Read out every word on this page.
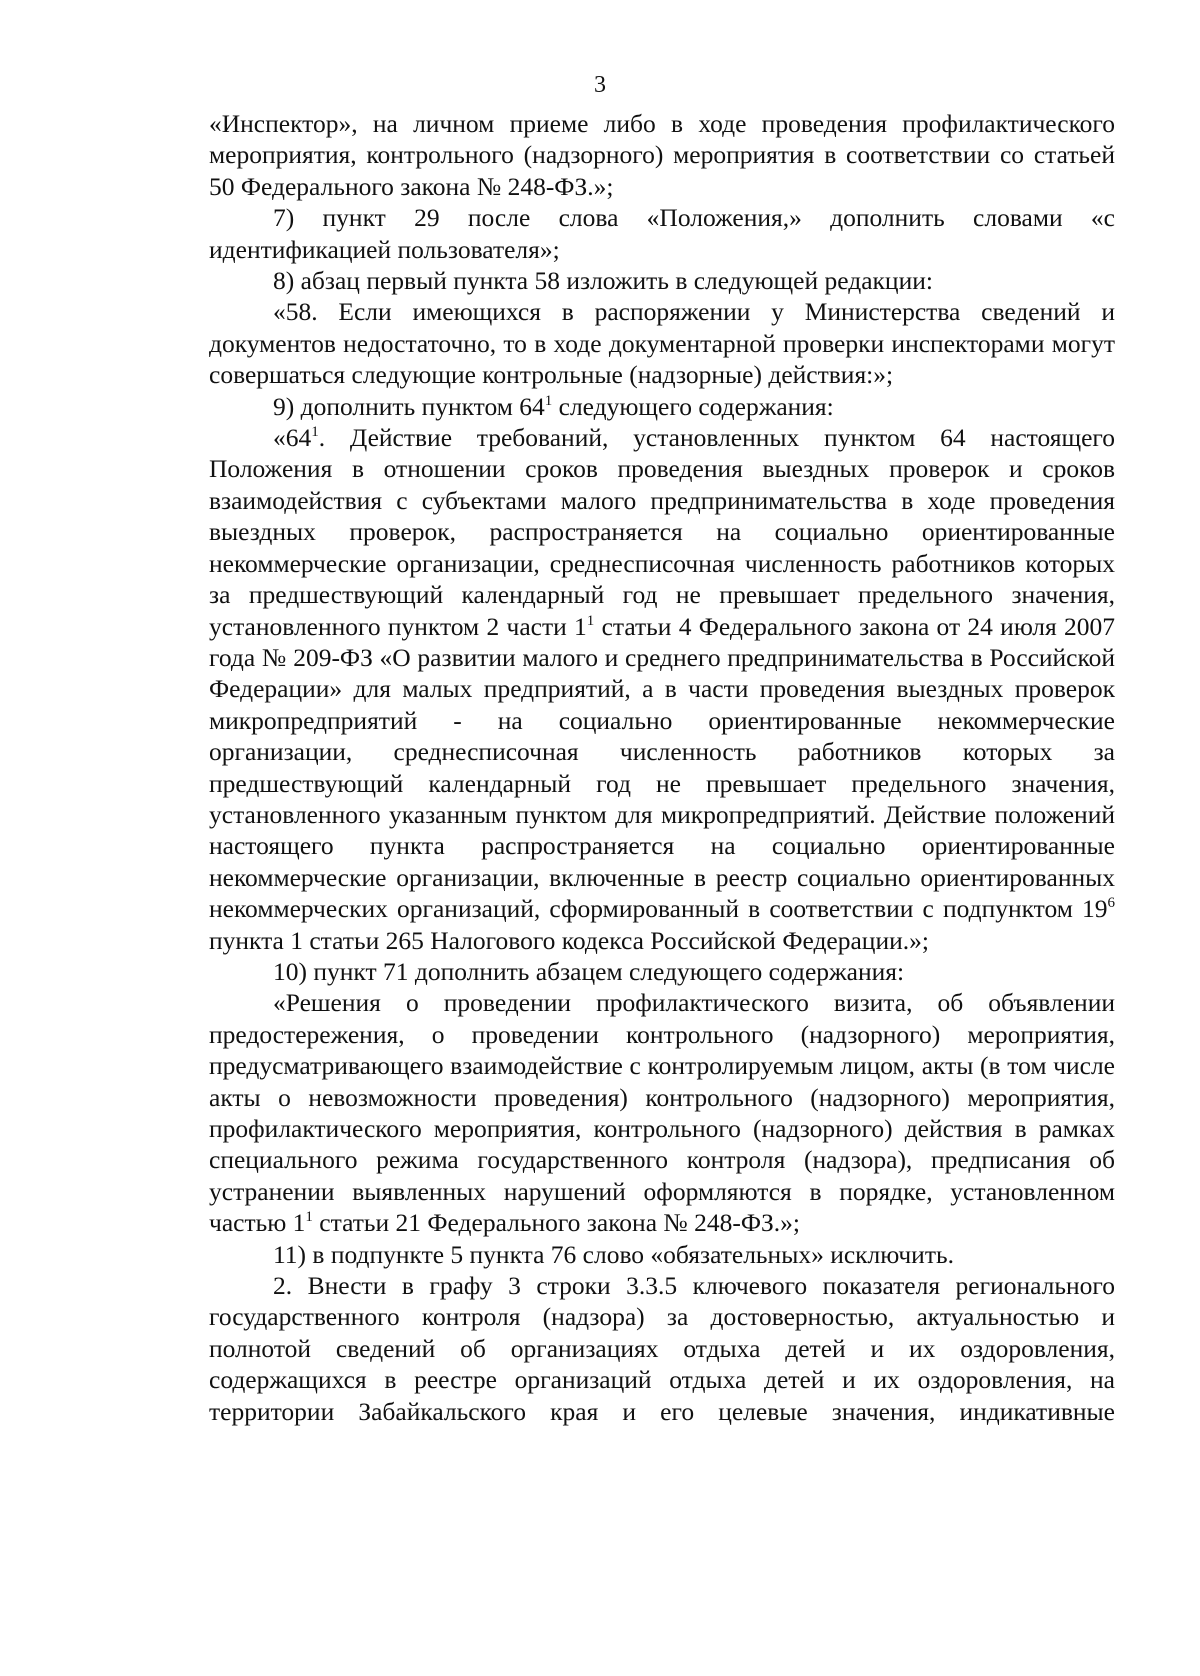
3

«Инспектор», на личном приеме либо в ходе проведения профилактического мероприятия, контрольного (надзорного) мероприятия в соответствии со статьей 50 Федерального закона № 248-ФЗ.»;

7) пункт 29 после слова «Положения,» дополнить словами «с идентификацией пользователя»;

8) абзац первый пункта 58 изложить в следующей редакции:

«58. Если имеющихся в распоряжении у Министерства сведений и документов недостаточно, то в ходе документарной проверки инспекторами могут совершаться следующие контрольные (надзорные) действия:»;

9) дополнить пунктом $64^1$ следующего содержания:

«$64^1$. Действие требований, установленных пунктом 64 настоящего Положения в отношении сроков проведения выездных проверок и сроков взаимодействия с субъектами малого предпринимательства в ходе проведения выездных проверок, распространяется на социально ориентированные некоммерческие организации, среднесписочная численность работников которых за предшествующий календарный год не превышает предельного значения, установленного пунктом 2 части $1^1$ статьи 4 Федерального закона от 24 июля 2007 года № 209-ФЗ «О развитии малого и среднего предпринимательства в Российской Федерации» для малых предприятий, а в части проведения выездных проверок микропредприятий - на социально ориентированные некоммерческие организации, среднесписочная численность работников которых за предшествующий календарный год не превышает предельного значения, установленного указанным пунктом для микропредприятий. Действие положений настоящего пункта распространяется на социально ориентированные некоммерческие организации, включенные в реестр социально ориентированных некоммерческих организаций, сформированный в соответствии с подпунктом $19^6$ пункта 1 статьи 265 Налогового кодекса Российской Федерации.»;

10) пункт 71 дополнить абзацем следующего содержания:

«Решения о проведении профилактического визита, об объявлении предостережения, о проведении контрольного (надзорного) мероприятия, предусматривающего взаимодействие с контролируемым лицом, акты (в том числе акты о невозможности проведения) контрольного (надзорного) мероприятия, профилактического мероприятия, контрольного (надзорного) действия в рамках специального режима государственного контроля (надзора), предписания об устранении выявленных нарушений оформляются в порядке, установленном частью $1^1$ статьи 21 Федерального закона № 248-ФЗ.»;

11) в подпункте 5 пункта 76 слово «обязательных» исключить.

2. Внести в графу 3 строки 3.3.5 ключевого показателя регионального государственного контроля (надзора) за достоверностью, актуальностью и полнотой сведений об организациях отдыха детей и их оздоровления, содержащихся в реестре организаций отдыха детей и их оздоровления, на территории Забайкальского края и его целевые значения, индикативные
